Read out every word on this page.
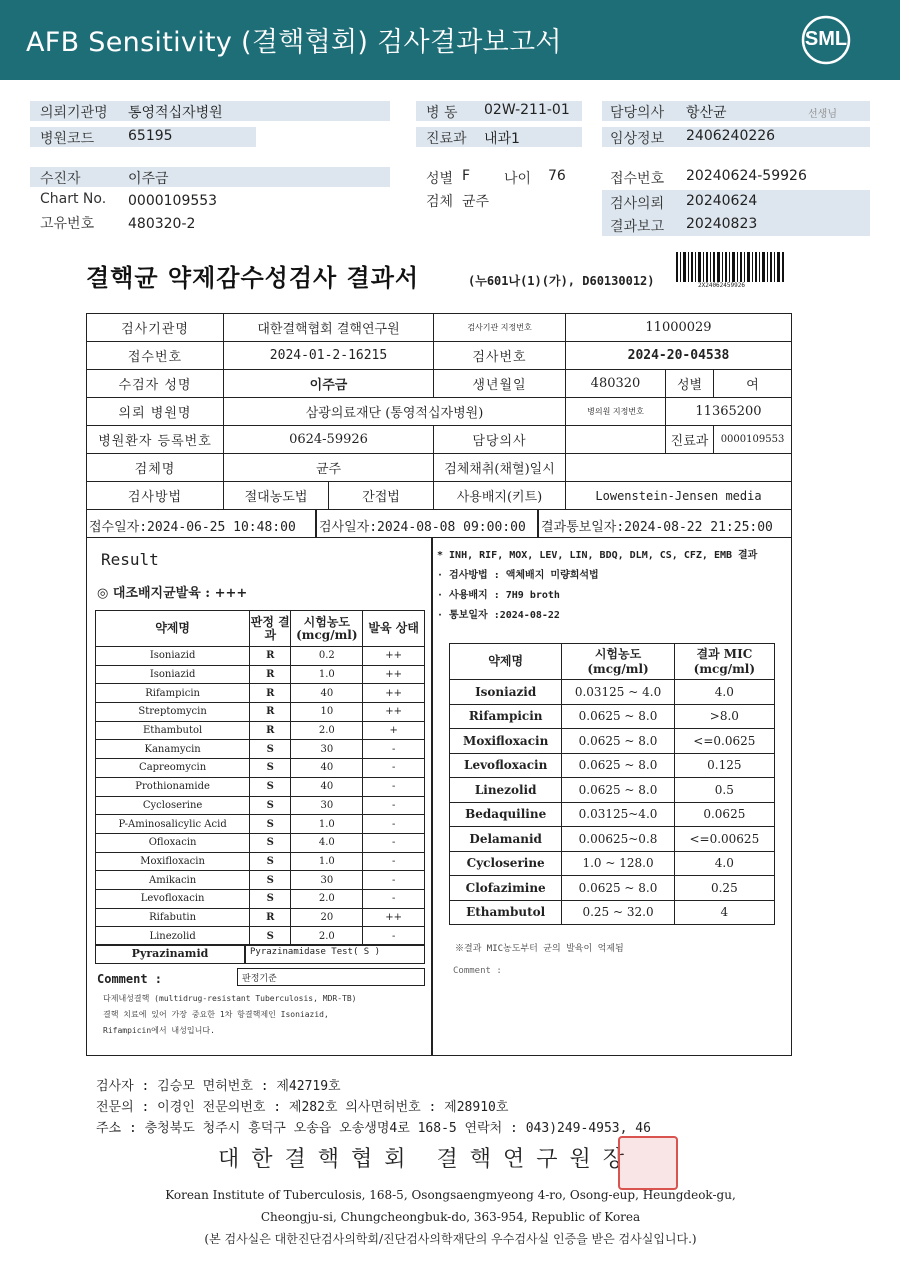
AFB Sensitivity (결핵협회) 검사결과보고서	SML
의뢰기관명 통영적십자병원
병원코드 65195
병 동 02W-211-01
진료과 내과1
담당의사 항산균	선생님
임상정보 2406240226
수진자	이주금
Chart No. 0000109553
고유번호 480320-2
성별 F 나이 76
검체 균주
접수번호 20240624-59926
검사의뢰 20240624
결과보고 20240823
결핵균 약제감수성검사 결과서	(누601나(1)(가), D60130012)	2X24062459926
검사기관명	대한결핵협회 결핵연구원		검사기관 지정번호	11000029		
접수번호	2024-01-2-16215		검사번호	2024-20-04538		
수검자 성명	이주금		생년월일	480320	성별	여
의뢰 병원명	삼광의료재단 (통영적십자병원)			병의원 지정번호	11365200	
병원환자 등록번호	0624-59926		담당의사		진료과	0000109553
검체명	균주		검체채취(채혈)일시			
검사방법	절대농도법	간접법	사용배지(키트)	Lowenstein-Jensen media		
접수일자:2024-06-25 10:48:00 검사일자:2024-08-08 09:00:00 결과통보일자:2024-08-22 21:25:00
Result
◎ 대조배지균발육 : +++
약제명	판정 결과	시험농도 (mcg/ml)	발육 상태
Isoniazid	R	0.2	++
Isoniazid	R	1.0	++
Rifampicin	R	40	++
Streptomycin	R	10	++
Ethambutol	R	2.0	+
Kanamycin	S	30	-
Capreomycin	S	40	-
Prothionamide	S	40	-
Cycloserine	S	30	-
P-Aminosalicylic Acid	S	1.0	-
Ofloxacin	S	4.0	-
Moxifloxacin	S	1.0	-
Amikacin	S	30	-
Levofloxacin	S	2.0	-
Rifabutin	R	20	++
Linezolid	S	2.0	-
Pyrazinamid	Pyrazinamidase Test( S )
Comment :	판정기준
다제내성결핵 (multidrug-resistant Tuberculosis, MDR-TB)
결핵 치료에 있어 가장 중요한 1차 항결핵제인 Isoniazid,
Rifampicin에서 내성입니다.
* INH, RIF, MOX, LEV, LIN, BDQ, DLM, CS, CFZ, EMB 결과
· 검사방법 : 액체배지 미량희석법
· 사용배지 : 7H9 broth
· 통보일자 :2024-08-22
약제명	시험농도 (mcg/ml)	결과 MIC (mcg/ml)
Isoniazid	0.03125 ~ 4.0	4.0
Rifampicin	0.0625 ~ 8.0	>8.0
Moxifloxacin	0.0625 ~ 8.0	<=0.0625
Levofloxacin	0.0625 ~ 8.0	0.125
Linezolid	0.0625 ~ 8.0	0.5
Bedaquiline	0.03125~4.0	0.0625
Delamanid	0.00625~0.8	<=0.00625
Cycloserine	1.0 ~ 128.0	4.0
Clofazimine	0.0625 ~ 8.0	0.25
Ethambutol	0.25 ~ 32.0	4
※결과 MIC농도부터 균의 발육이 억제됨
Comment :
검사자 : 김승모 면허번호 : 제42719호
전문의 : 이경인 전문의번호 : 제282호 의사면허번호 : 제28910호
주소 : 충청북도 청주시 흥덕구 오송읍 오송생명4로 168-5 연락처 : 043)249-4953, 46
대한결핵협회 결핵연구원장
Korean Institute of Tuberculosis, 168-5, Osongsaengmyeong 4-ro, Osong-eup, Heungdeok-gu,
Cheongju-si, Chungcheongbuk-do, 363-954, Republic of Korea
(본 검사실은 대한진단검사의학회/진단검사의학재단의 우수검사실 인증을 받은 검사실입니다.)
